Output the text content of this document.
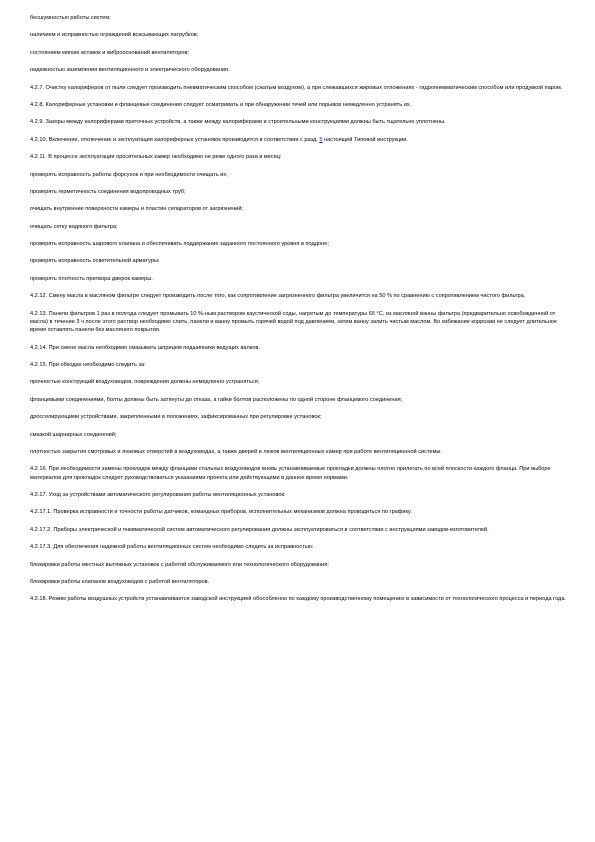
бесшумностью работы систем;

наличием и исправностью ограждений всасывающих патрубков;

состоянием мягких вставок и виброоснований вентиляторов;

надежностью заземления вентиляционного и электрического оборудования.

4.2.7. Очистку калориферов от пыли следует производить пневматическим способом (сжатым воздухом), а при слежавшихся жировых отложениях - гидропневматическим способом или продувкой паром.

4.2.8. Калориферные установки и фланцевые соединения следует осматривать и при обнаружении течей или порывов немедленно устранять их.

4.2.9. Зазоры между калориферами приточных устройств, а также между калориферами и строительными конструкциями должны быть тщательно уплотнены.

4.2.10. Включение, отключение и эксплуатация калориферных установок производится в соответствии с разд. 5 настоящей Типовой инструкции.

4.2.11. В процессе эксплуатации оросительных камер необходимо не реже одного раза в месяц:

проверять исправность работы форсунок и при необходимости очищать их;

проверять герметичность соединения водопроводных труб;

очищать внутренние поверхности камеры и пластин сепараторов от загрязнений;

очищать сетку водяного фильтра;

проверять исправность шарового клапана и обеспечивать поддержание заданного постоянного уровня в поддоне;

проверять исправность осветительной арматуры;

проверять плотность притвора дверок камеры.

4.2.12. Смену масла в масляном фильтре следует производить после того, как сопротивление загрязненного фильтра увеличится на 50 % по сравнению с сопротивлением чистого фильтра.

4.2.13. Панели фильтров 1 раз в полгода следует промывать 10 %-ным раствором каустической соды, нагретым до температуры 65 °С, из масляной ванны фильтра (предварительно освобожденной от масла) в течение 3 ч после этого раствор необходимо слить, панели и ванну промыть горячей водой под давлением, затем ванну залить чистым маслом. Во избежание коррозии не следует длительное время оставлять панели без масляного покрытия.

4.2.14. При смене масла необходимо смазывать шприцем подшипники ведущих валков.

4.2.15. При обходах необходимо следить за:

прочностью конструкций воздуховодов, повреждения должны немедленно устраняться;

фланцевыми соединениями, болты должны быть затянуты до отказа, а гайки болтов расположены по одной стороне фланцевого соединения;

дросселирующими устройствами, закрепленными в положениях, зафиксированных при регулировке установок;

смазкой шарнирных соединений;

плотностью закрытия смотровых и люковых отверстий в воздуховодах, а также дверей и люков вентиляционных камер при работе вентиляционной системы.

4.2.16. При необходимости замены прокладок между фланцами стальных воздуховодов вновь устанавливаемые прокладки должны плотно прилегать по всей плоскости каждого фланца. При выборе материалов для прокладок следует руководствоваться указаниями проекта или действующими в данное время нормами.

4.2.17. Уход за устройствами автоматического регулирования работы вентиляционных установок:

4.2.17.1. Проверка исправности и точности работы датчиков, командных приборов, исполнительных механизмов должна проводиться по графику.

4.2.17.2. Приборы электрической и пневматической систем автоматического регулирования должны эксплуатироваться в соответствии с инструкциями заводов-изготовителей.

4.2.17.3. Для обеспечения надежной работы вентиляционных систем необходимо следить за исправностью:

блокировки работы местных вытяжных установок с работой обслуживаемого или технологического оборудования;

блокировки работы клапанов воздуховодов с работой вентиляторов.

4.2.18. Режим работы воздушных устройств устанавливается заводской инструкцией обособленно по каждому производственному помещению в зависимости от технологического процесса и периода года.
